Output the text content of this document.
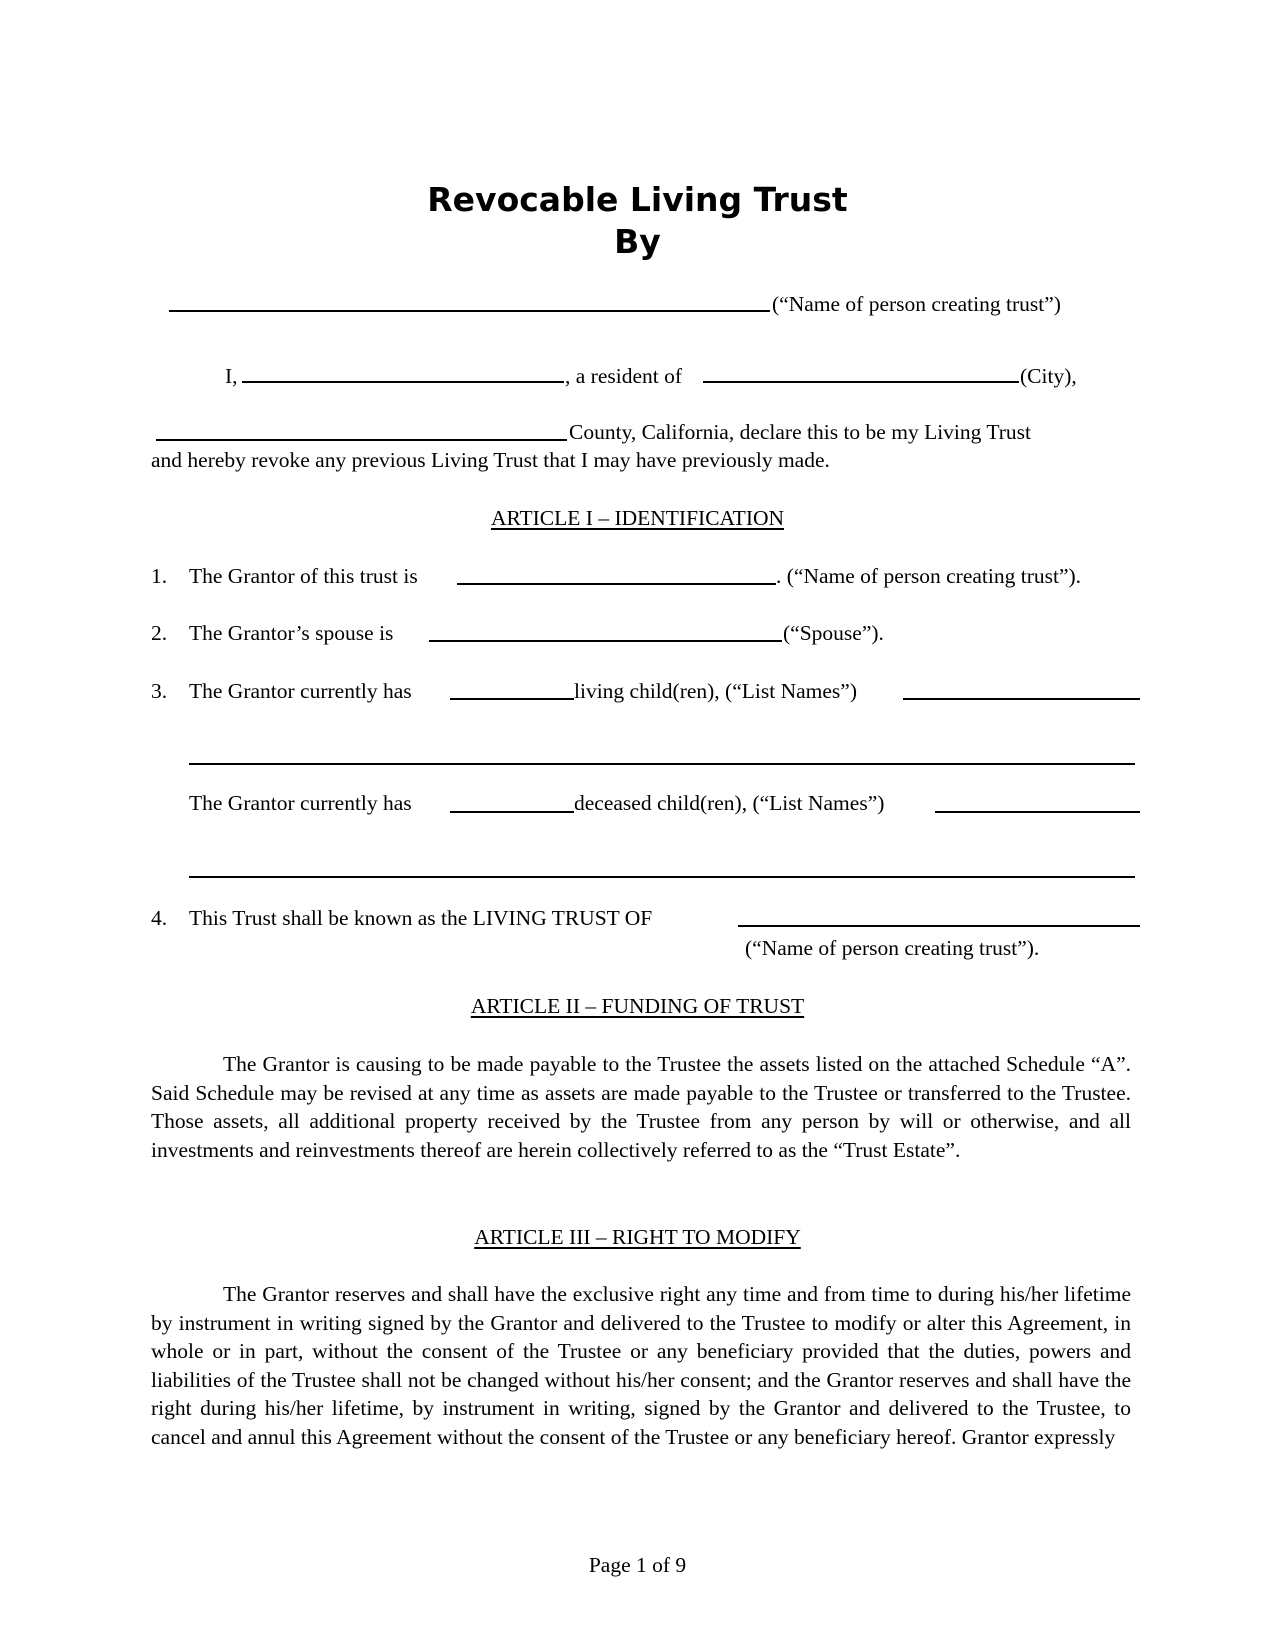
Revocable Living Trust
By
(“Name of person creating trust”)
I,	, a resident of	(City),
County, California, declare this to be my Living Trust
and hereby revoke any previous Living Trust that I may have previously made.
ARTICLE I – IDENTIFICATION
1. The Grantor of this trust is	. (“Name of person creating trust”).
2. The Grantor’s spouse is	(“Spouse”).
3. The Grantor currently has	living child(ren), (“List Names”)
The Grantor currently has	deceased child(ren), (“List Names”)
4. This Trust shall be known as the LIVING TRUST OF
(“Name of person creating trust”).
ARTICLE II – FUNDING OF TRUST
The Grantor is causing to be made payable to the Trustee the assets listed on the attached Schedule “A”. Said Schedule may be revised at any time as assets are made payable to the Trustee or transferred to the Trustee. Those assets, all additional property received by the Trustee from any person by will or otherwise, and all investments and reinvestments thereof are herein collectively referred to as the “Trust Estate”.
ARTICLE III – RIGHT TO MODIFY
The Grantor reserves and shall have the exclusive right any time and from time to during his/her lifetime by instrument in writing signed by the Grantor and delivered to the Trustee to modify or alter this Agreement, in whole or in part, without the consent of the Trustee or any beneficiary provided that the duties, powers and liabilities of the Trustee shall not be changed without his/her consent; and the Grantor reserves and shall have the right during his/her lifetime, by instrument in writing, signed by the Grantor and delivered to the Trustee, to cancel and annul this Agreement without the consent of the Trustee or any beneficiary hereof. Grantor expressly
Page 1 of 9
